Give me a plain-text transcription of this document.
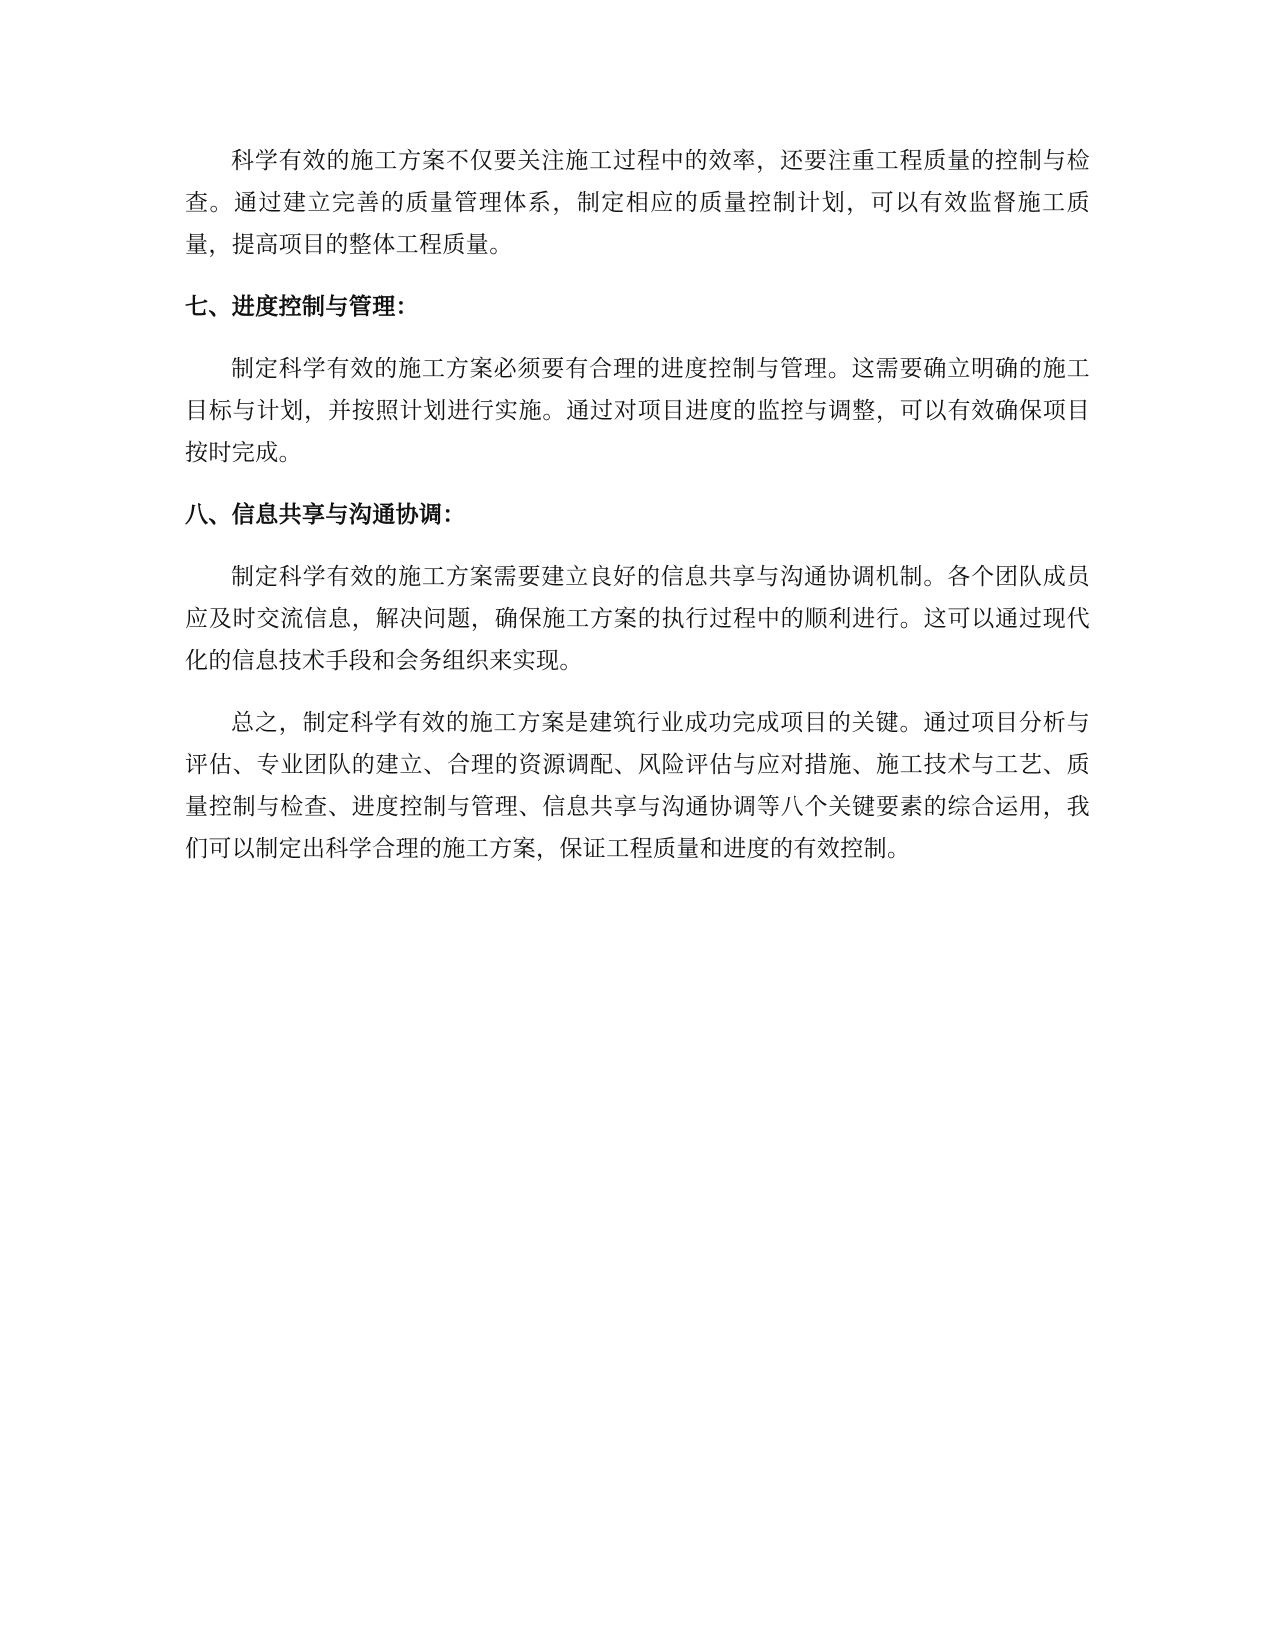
科学有效的施工方案不仅要关注施工过程中的效率，还要注重工程质量的控制与检查。通过建立完善的质量管理体系，制定相应的质量控制计划，可以有效监督施工质量，提高项目的整体工程质量。

七、进度控制与管理：

制定科学有效的施工方案必须要有合理的进度控制与管理。这需要确立明确的施工目标与计划，并按照计划进行实施。通过对项目进度的监控与调整，可以有效确保项目按时完成。

八、信息共享与沟通协调：

制定科学有效的施工方案需要建立良好的信息共享与沟通协调机制。各个团队成员应及时交流信息，解决问题，确保施工方案的执行过程中的顺利进行。这可以通过现代化的信息技术手段和会务组织来实现。

总之，制定科学有效的施工方案是建筑行业成功完成项目的关键。通过项目分析与评估、专业团队的建立、合理的资源调配、风险评估与应对措施、施工技术与工艺、质量控制与检查、进度控制与管理、信息共享与沟通协调等八个关键要素的综合运用，我们可以制定出科学合理的施工方案，保证工程质量和进度的有效控制。
